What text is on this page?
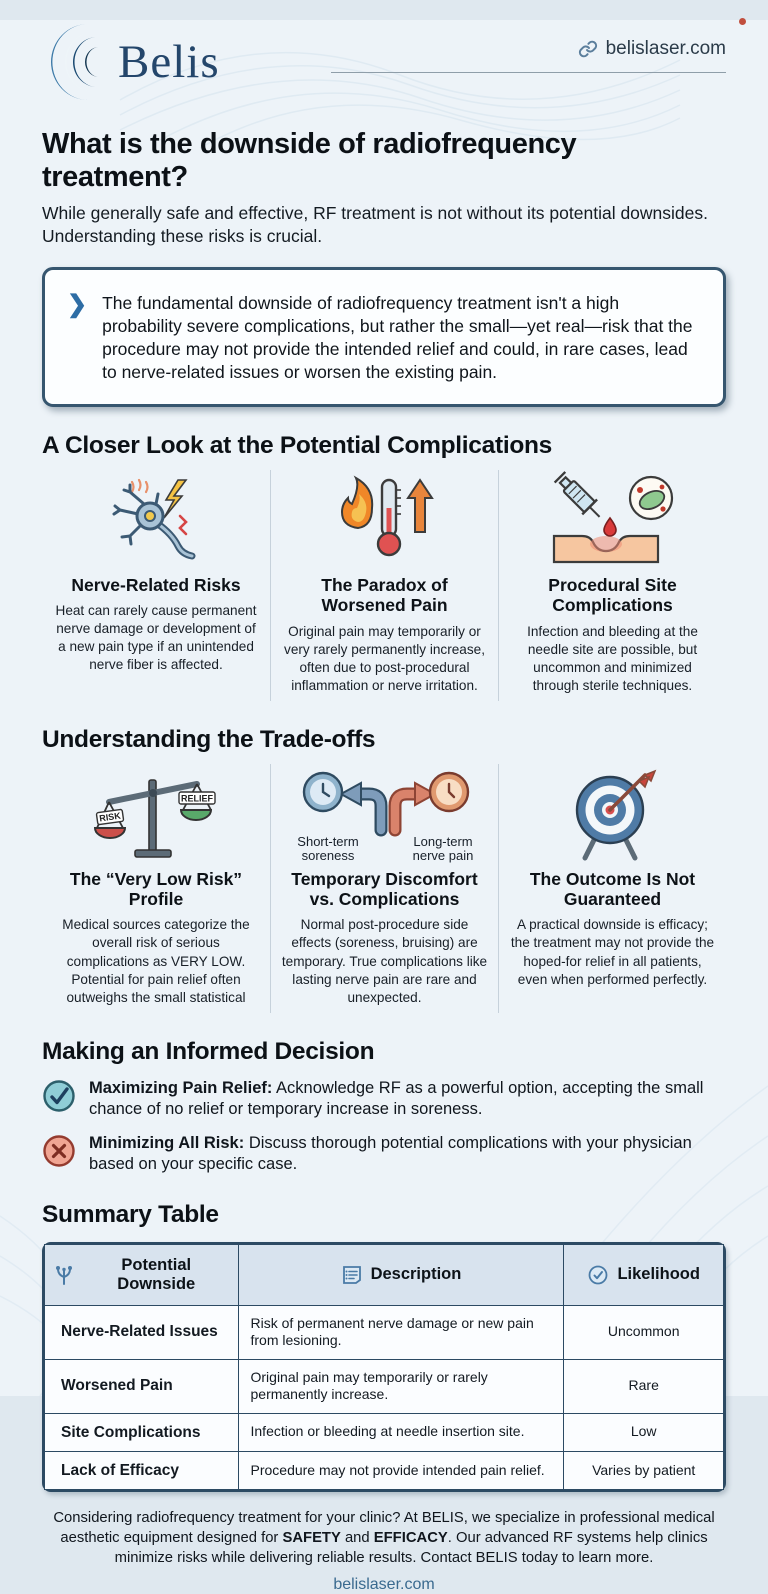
Belis	belislaser.com
What is the downside of radiofrequency treatment?
While generally safe and effective, RF treatment is not without its potential downsides. Understanding these risks is crucial.
❯ The fundamental downside of radiofrequency treatment isn't a high probability severe complications, but rather the small—yet real—risk that the procedure may not provide the intended relief and could, in rare cases, lead to nerve-related issues or worsen the existing pain.
A Closer Look at the Potential Complications
Nerve-Related Risks
Heat can rarely cause permanent nerve damage or development of a new pain type if an unintended nerve fiber is affected.
The Paradox of Worsened Pain
Original pain may temporarily or very rarely permanently increase, often due to post-procedural inflammation or nerve irritation.
Procedural Site Complications
Infection and bleeding at the needle site are possible, but uncommon and minimized through sterile techniques.
Understanding the Trade-offs
RISK
RELIEF
The “Very Low Risk” Profile
Medical sources categorize the overall risk of serious complications as VERY LOW. Potential for pain relief often outweighs the small statistical
Short-term soreness
Long-term nerve pain
Temporary Discomfort vs. Complications
Normal post-procedure side effects (soreness, bruising) are temporary. True complications like lasting nerve pain are rare and unexpected.
The Outcome Is Not Guaranteed
A practical downside is efficacy; the treatment may not provide the hoped-for relief in all patients, even when performed perfectly.
Making an Informed Decision
Maximizing Pain Relief: Acknowledge RF as a powerful option, accepting the small chance of no relief or temporary increase in soreness.
Minimizing All Risk: Discuss thorough potential complications with your physician based on your specific case.
Summary Table
Potential Downside	Description	Likelihood

Nerve-Related Issues	Risk of permanent nerve damage or new pain from lesioning.	Uncommon
Worsened Pain	Original pain may temporarily or rarely permanently increase.	Rare
Site Complications	Infection or bleeding at needle insertion site.	Low
Lack of Efficacy	Procedure may not provide intended pain relief.	Varies by patient
Considering radiofrequency treatment for your clinic? At BELIS, we specialize in professional medical aesthetic equipment designed for SAFETY and EFFICACY. Our advanced RF systems help clinics minimize risks while delivering reliable results. Contact BELIS today to learn more.
belislaser.com
